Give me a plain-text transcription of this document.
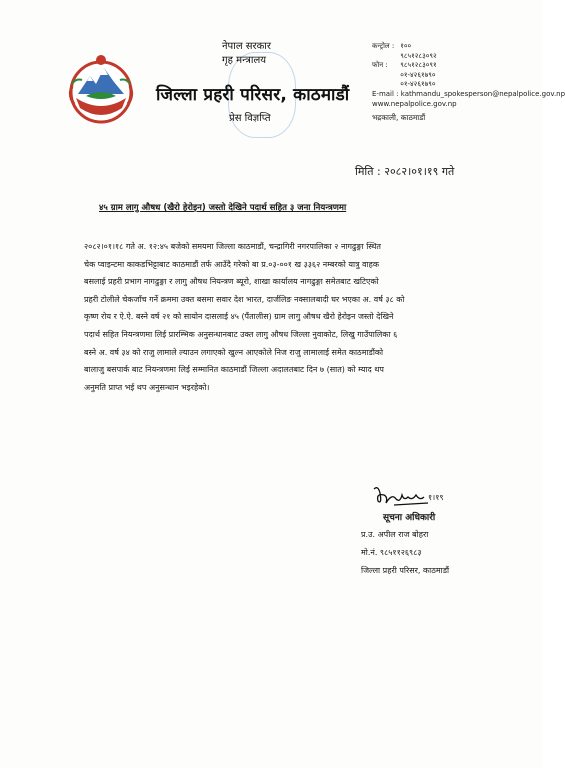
नेपाल सरकार
गृह मन्त्रालय
जिल्ला प्रहरी परिसर, काठमाडौं
प्रेस विज्ञप्ति
कन्ट्रोल : १००
९८५१२८३०९२
फोन : ९८५१२८३०९१
०१-४२६१७९०
०१-४२६१७९०
E-mail : kathmandu_spokesperson@nepalpolice.gov.np
www.nepalpolice.gov.np
भद्रकाली, काठमाडौं
मिति : २०८२।०१।१९ गते
४५ ग्राम लागु औषध (खैरो हेरोइन) जस्तो देखिने पदार्थ सहित ३ जना नियन्त्रणमा
२०८२।०१।१८ गते अ. १२:४५ बजेको समयमा जिल्ला काठमाडौं, चन्द्रागिरी नगरपालिका २ नागढुङ्गा स्थित
चेक प्वाइन्टमा काकडभिट्टाबाट काठमाडौं तर्फ आउँदै गरेको बा प्र.०३-००१ ख ३३६२ नम्बरको यात्रु वाहक
बसलाई प्रहरी प्रभाग नागढुङ्गा र लागु औषध नियन्त्रण ब्यूरो, शाखा कार्यालय नागढुङ्गा समेतबाट खटिएको
प्रहरी टोलीले चेकजाँच गर्ने क्रममा उक्त बसमा सवार देश भारत, दार्जलिङ नक्सालबादी घर भएका अ. वर्ष ३८ को
कृष्ण रोय र ऐ.ऐ. बस्ने वर्ष २१ को सायोन दासलाई ४५ (पैंतालीस) ग्राम लागु औषध खैरो हेरोइन जस्तो देखिने
पदार्थ सहित नियन्त्रणमा लिई प्रारम्भिक अनुसन्धानबाट उक्त लागु औषध जिल्ला नुवाकोट, लिखु गाउँपालिका ६
बस्ने अ. वर्ष ३४ को राजु लामाले ल्याउन लगाएको खुल्न आएकोले निज राजु लामालाई समेत काठमाडौंको
बालाजु बसपार्क बाट नियन्त्रणमा लिई सम्मानित काठमाडौं जिल्ला अदालतबाट दिन ७ (सात) को म्याद थप
अनुमति प्राप्त भई थप अनुसन्धान भइरहेको।
१।१९
सूचना अधिकारी
प्र.उ. अपील राज बोहरा
मो.नं. ९८५११२६९८३
जिल्ला प्रहरी परिसर, काठमाडौं
